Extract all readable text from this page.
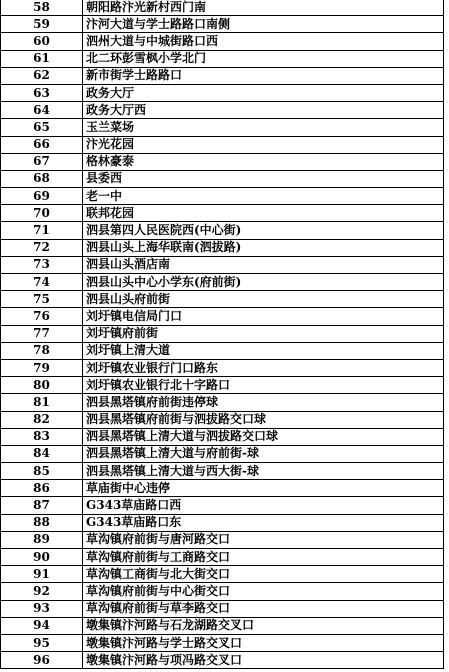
58	朝阳路汴光新村西门南
59	汴河大道与学士路路口南侧
60	泗州大道与中城街路口西
61	北二环彭雪枫小学北门
62	新市街学士路路口
63	政务大厅
64	政务大厅西
65	玉兰菜场
66	汴光花园
67	格林豪泰
68	县委西
69	老一中
70	联邦花园
71	泗县第四人民医院西(中心街)
72	泗县山头上海华联南(泗拔路)
73	泗县山头酒店南
74	泗县山头中心小学东(府前街)
75	泗县山头府前街
76	刘圩镇电信局门口
77	刘圩镇府前街
78	刘圩镇上清大道
79	刘圩镇农业银行门口路东
80	刘圩镇农业银行北十字路口
81	泗县黑塔镇府前街违停球
82	泗县黑塔镇府前街与泗拔路交口球
83	泗县黑塔镇上清大道与泗拔路交口球
84	泗县黑塔镇上清大道与府前街-球
85	泗县黑塔镇上清大道与西大街-球
86	草庙街中心违停
87	G343草庙路口西
88	G343草庙路口东
89	草沟镇府前街与唐河路交口
90	草沟镇府前街与工商路交口
91	草沟镇工商街与北大街交口
92	草沟镇府前街与中心街交口
93	草沟镇府前街与草李路交口
94	墩集镇汴河路与石龙湖路交叉口
95	墩集镇汴河路与学士路交叉口
96	墩集镇汴河路与项冯路交叉口
